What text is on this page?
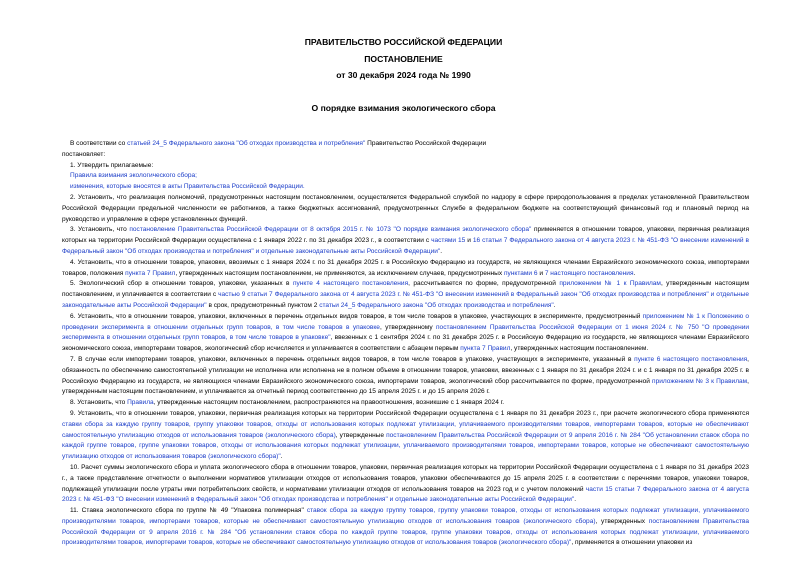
ПРАВИТЕЛЬСТВО РОССИЙСКОЙ ФЕДЕРАЦИИ
ПОСТАНОВЛЕНИЕ
от 30 декабря 2024 года № 1990
О порядке взимания экологического сбора

В соответствии со статьей 24_5 Федерального закона "Об отходах производства и потребления" Правительство Российской Федерации

постановляет:

1. Утвердить прилагаемые:

Правила взимания экологического сбора;

изменения, которые вносятся в акты Правительства Российской Федерации.

2. Установить, что реализация полномочий, предусмотренных настоящим постановлением, осуществляется Федеральной службой по надзору в сфере природопользования в пределах установленной Правительством Российской Федерации предельной численности ее работников, а также бюджетных ассигнований, предусмотренных Службе в федеральном бюджете на соответствующий финансовый год и плановый период на руководство и управление в сфере установленных функций.

3. Установить, что постановление Правительства Российской Федерации от 8 октября 2015 г. № 1073 "О порядке взимания экологического сбора" применяется в отношении товаров, упаковки, первичная реализация которых на территории Российской Федерации осуществлена с 1 января 2022 г. по 31 декабря 2023 г., в соответствии с частями 15 и 16 статьи 7 Федерального закона от 4 августа 2023 г. № 451-ФЗ "О внесении изменений в Федеральный закон "Об отходах производства и потребления" и отдельные законодательные акты Российской Федерации".

4. Установить, что в отношении товаров, упаковки, ввозимых с 1 января 2024 г. по 31 декабря 2025 г. в Российскую Федерацию из государств, не являющихся членами Евразийского экономического союза, импортерами товаров, положения пункта 7 Правил, утвержденных настоящим постановлением, не применяются, за исключением случаев, предусмотренных пунктами 6 и 7 настоящего постановления.

5. Экологический сбор в отношении товаров, упаковки, указанных в пункте 4 настоящего постановления, рассчитывается по форме, предусмотренной приложением № 1 к Правилам, утвержденным настоящим постановлением, и уплачивается в соответствии с частью 9 статьи 7 Федерального закона от 4 августа 2023 г. № 451-ФЗ "О внесении изменений в Федеральный закон "Об отходах производства и потребления" и отдельные законодательные акты Российской Федерации" в срок, предусмотренный пунктом 2 статьи 24_5 Федерального закона "Об отходах производства и потребления".

6. Установить, что в отношении товаров, упаковки, включенных в перечень отдельных видов товаров, в том числе товаров в упаковке, участвующих в эксперименте, предусмотренный приложением № 1 к Положению о проведении эксперимента в отношении отдельных групп товаров, в том числе товаров в упаковке, утвержденному постановлением Правительства Российской Федерации от 1 июня 2024 г. № 750 "О проведении эксперимента в отношении отдельных групп товаров, в том числе товаров в упаковке", ввезенных с 1 сентября 2024 г. по 31 декабря 2025 г. в Российскую Федерацию из государств, не являющихся членами Евразийского экономического союза, импортерами товаров, экологический сбор исчисляется и уплачивается в соответствии с абзацем первым пункта 7 Правил, утвержденных настоящим постановлением.

7. В случае если импортерами товаров, упаковки, включенных в перечень отдельных видов товаров, в том числе товаров в упаковке, участвующих в эксперименте, указанный в пункте 6 настоящего постановления, обязанность по обеспечению самостоятельной утилизации не исполнена или исполнена не в полном объеме в отношении товаров, упаковки, ввезенных с 1 января по 31 декабря 2024 г. и с 1 января по 31 декабря 2025 г. в Российскую Федерацию из государств, не являющихся членами Евразийского экономического союза, импортерами товаров, экологический сбор рассчитывается по форме, предусмотренной приложением № 3 к Правилам, утвержденным настоящим постановлением, и уплачивается за отчетный период соответственно до 15 апреля 2025 г. и до 15 апреля 2026 г.

8. Установить, что Правила, утвержденные настоящим постановлением, распространяются на правоотношения, возникшие с 1 января 2024 г.

9. Установить, что в отношении товаров, упаковки, первичная реализация которых на территории Российской Федерации осуществлена с 1 января по 31 декабря 2023 г., при расчете экологического сбора применяются ставки сбора за каждую группу товаров, группу упаковки товаров, отходы от использования которых подлежат утилизации, уплачиваемого производителями товаров, импортерами товаров, которые не обеспечивают самостоятельную утилизацию отходов от использования товаров (экологического сбора), утвержденные постановлением Правительства Российской Федерации от 9 апреля 2016 г. № 284 "Об установлении ставок сбора по каждой группе товаров, группе упаковки товаров, отходы от использования которых подлежат утилизации, уплачиваемого производителями товаров, импортерами товаров, которые не обеспечивают самостоятельную утилизацию отходов от использования товаров (экологического сбора)".

10. Расчет суммы экологического сбора и уплата экологического сбора в отношении товаров, упаковки, первичная реализация которых на территории Российской Федерации осуществлена с 1 января по 31 декабря 2023 г., а также представление отчетности о выполнении нормативов утилизации отходов от использования товаров, упаковки обеспечиваются до 15 апреля 2025 г. в соответствии с перечнями товаров, упаковки товаров, подлежащей утилизации после утраты ими потребительских свойств, и нормативами утилизации отходов от использования товаров на 2023 год и с учетом положений части 15 статьи 7 Федерального закона от 4 августа 2023 г. № 451-ФЗ "О внесении изменений в Федеральный закон "Об отходах производства и потребления" и отдельные законодательные акты Российской Федерации".

11. Ставка экологического сбора по группе № 49 "Упаковка полимерная" ставок сбора за каждую группу товаров, группу упаковки товаров, отходы от использования которых подлежат утилизации, уплачиваемого производителями товаров, импортерами товаров, которые не обеспечивают самостоятельную утилизацию отходов от использования товаров (экологического сбора), утвержденных постановлением Правительства Российской Федерации от 9 апреля 2016 г. № 284 "Об установлении ставок сбора по каждой группе товаров, группе упаковки товаров, отходы от использования которых подлежат утилизации, уплачиваемого производителями товаров, импортерами товаров, которые не обеспечивают самостоятельную утилизацию отходов от использования товаров (экологического сбора)", применяется в отношении упаковки из
